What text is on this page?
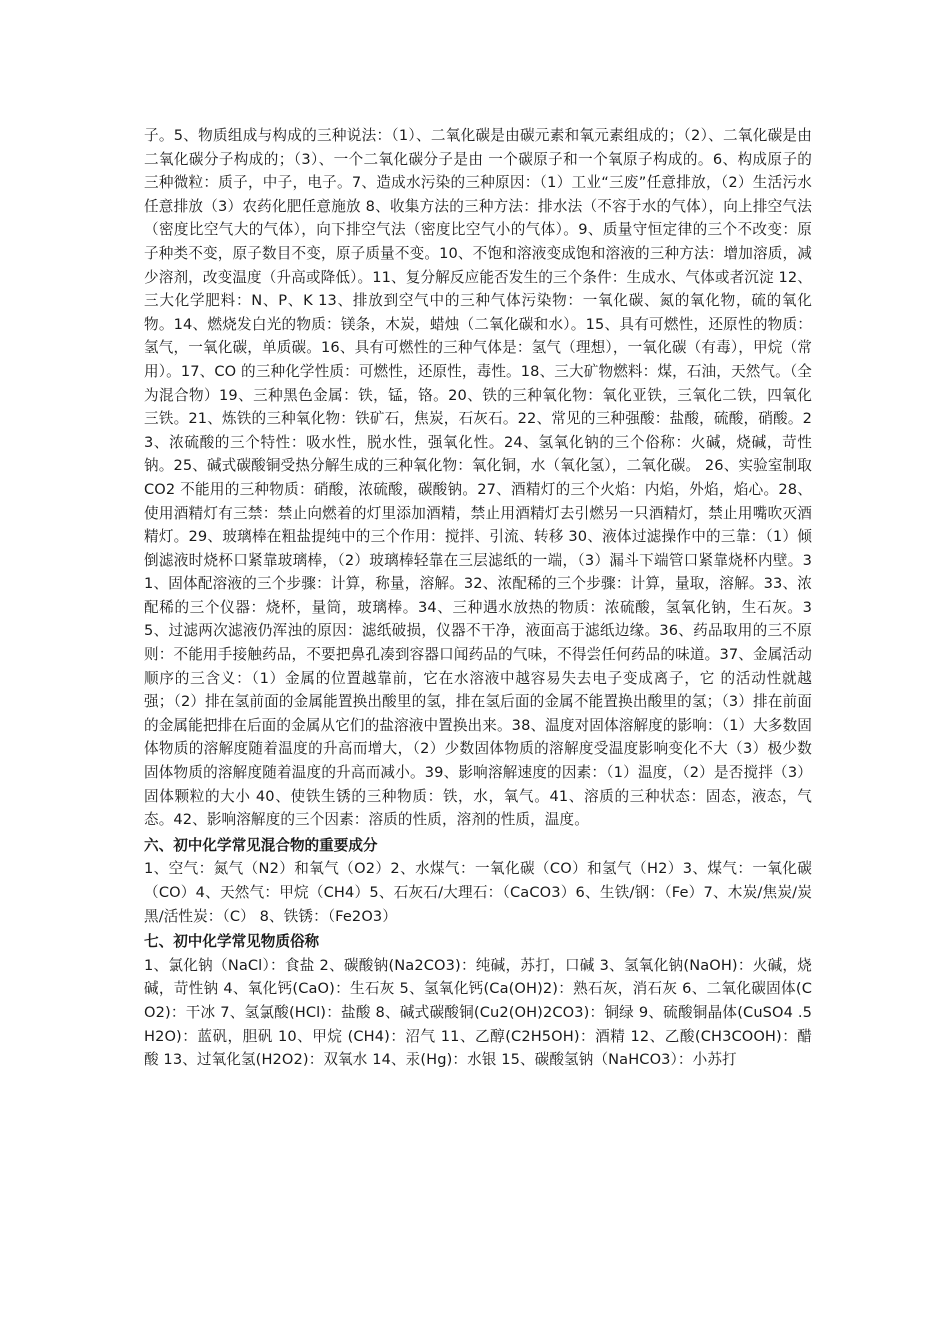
子。5、物质组成与构成的三种说法：（1）、二氧化碳是由碳元素和氧元素组成的；（2）、二氧化碳是由二氧化碳分子构成的；（3）、一个二氧化碳分子是由 一个碳原子和一个氧原子构成的。6、构成原子的三种微粒：质子，中子，电子。7、造成水污染的三种原因：（1）工业“三废”任意排放，（2）生活污水任意排放（3）农药化肥任意施放 8、收集方法的三种方法：排水法（不容于水的气体），向上排空气法（密度比空气大的气体），向下排空气法（密度比空气小的气体）。9、质量守恒定律的三个不改变：原子种类不变，原子数目不变，原子质量不变。10、不饱和溶液变成饱和溶液的三种方法：增加溶质，减少溶剂，改变温度（升高或降低）。11、复分解反应能否发生的三个条件：生成水、气体或者沉淀 12、三大化学肥料：N、P、K 13、排放到空气中的三种气体污染物：一氧化碳、氮的氧化物，硫的氧化物。14、燃烧发白光的物质：镁条，木炭，蜡烛（二氧化碳和水）。15、具有可燃性，还原性的物质：氢气，一氧化碳，单质碳。16、具有可燃性的三种气体是：氢气（理想），一氧化碳（有毒），甲烷（常用）。17、CO 的三种化学性质：可燃性，还原性，毒性。18、三大矿物燃料：煤，石油，天然气。（全为混合物）19、三种黑色金属：铁，锰，铬。20、铁的三种氧化物：氧化亚铁，三氧化二铁，四氧化三铁。21、炼铁的三种氧化物：铁矿石，焦炭，石灰石。22、常见的三种强酸：盐酸，硫酸，硝酸。23、浓硫酸的三个特性：吸水性，脱水性，强氧化性。24、氢氧化钠的三个俗称：火碱，烧碱，苛性钠。25、碱式碳酸铜受热分解生成的三种氧化物：氧化铜，水（氧化氢），二氧化碳。 26、实验室制取 CO2 不能用的三种物质：硝酸，浓硫酸，碳酸钠。27、酒精灯的三个火焰：内焰，外焰，焰心。28、使用酒精灯有三禁：禁止向燃着的灯里添加酒精，禁止用酒精灯去引燃另一只酒精灯，禁止用嘴吹灭酒精灯。29、玻璃棒在粗盐提纯中的三个作用：搅拌、引流、转移 30、液体过滤操作中的三靠：（1）倾倒滤液时烧杯口紧靠玻璃棒，（2）玻璃棒轻靠在三层滤纸的一端，（3）漏斗下端管口紧靠烧杯内壁。31、固体配溶液的三个步骤：计算，称量，溶解。32、浓配稀的三个步骤：计算，量取，溶解。33、浓配稀的三个仪器：烧杯，量筒，玻璃棒。34、三种遇水放热的物质：浓硫酸，氢氧化钠，生石灰。35、过滤两次滤液仍浑浊的原因：滤纸破损，仪器不干净，液面高于滤纸边缘。36、药品取用的三不原则：不能用手接触药品，不要把鼻孔凑到容器口闻药品的气味，不得尝任何药品的味道。37、金属活动顺序的三含义：（1）金属的位置越靠前，它在水溶液中越容易失去电子变成离子，它 的活动性就越强；（2）排在氢前面的金属能置换出酸里的氢，排在氢后面的金属不能置换出酸里的氢；（3）排在前面的金属能把排在后面的金属从它们的盐溶液中置换出来。38、温度对固体溶解度的影响：（1）大多数固体物质的溶解度随着温度的升高而增大，（2）少数固体物质的溶解度受温度影响变化不大（3）极少数固体物质的溶解度随着温度的升高而减小。39、影响溶解速度的因素：（1）温度，（2）是否搅拌（3）固体颗粒的大小 40、使铁生锈的三种物质：铁，水，氧气。41、溶质的三种状态：固态，液态，气态。42、影响溶解度的三个因素：溶质的性质，溶剂的性质，温度。

六、初中化学常见混合物的重要成分

1、空气：氮气（N2）和氧气（O2）2、水煤气：一氧化碳（CO）和氢气（H2）3、煤气：一氧化碳（CO）4、天然气：甲烷（CH4）5、石灰石/大理石：（CaCO3）6、生铁/钢：（Fe）7、木炭/焦炭/炭黑/活性炭：（C） 8、铁锈：（Fe2O3）

七、初中化学常见物质俗称

1、氯化钠（NaCl）：食盐 2、碳酸钠(Na2CO3)：纯碱，苏打，口碱 3、氢氧化钠(NaOH)：火碱，烧碱，苛性钠 4、氧化钙(CaO)：生石灰 5、氢氧化钙(Ca(OH)2)：熟石灰，消石灰 6、二氧化碳固体(CO2)：干冰 7、氢氯酸(HCl)：盐酸 8、碱式碳酸铜(Cu2(OH)2CO3)：铜绿 9、硫酸铜晶体(CuSO4 .5H2O)：蓝矾，胆矾 10、甲烷 (CH4)：沼气 11、乙醇(C2H5OH)：酒精 12、乙酸(CH3COOH)：醋酸 13、过氧化氢(H2O2)：双氧水 14、汞(Hg)：水银 15、碳酸氢钠（NaHCO3）：小苏打
